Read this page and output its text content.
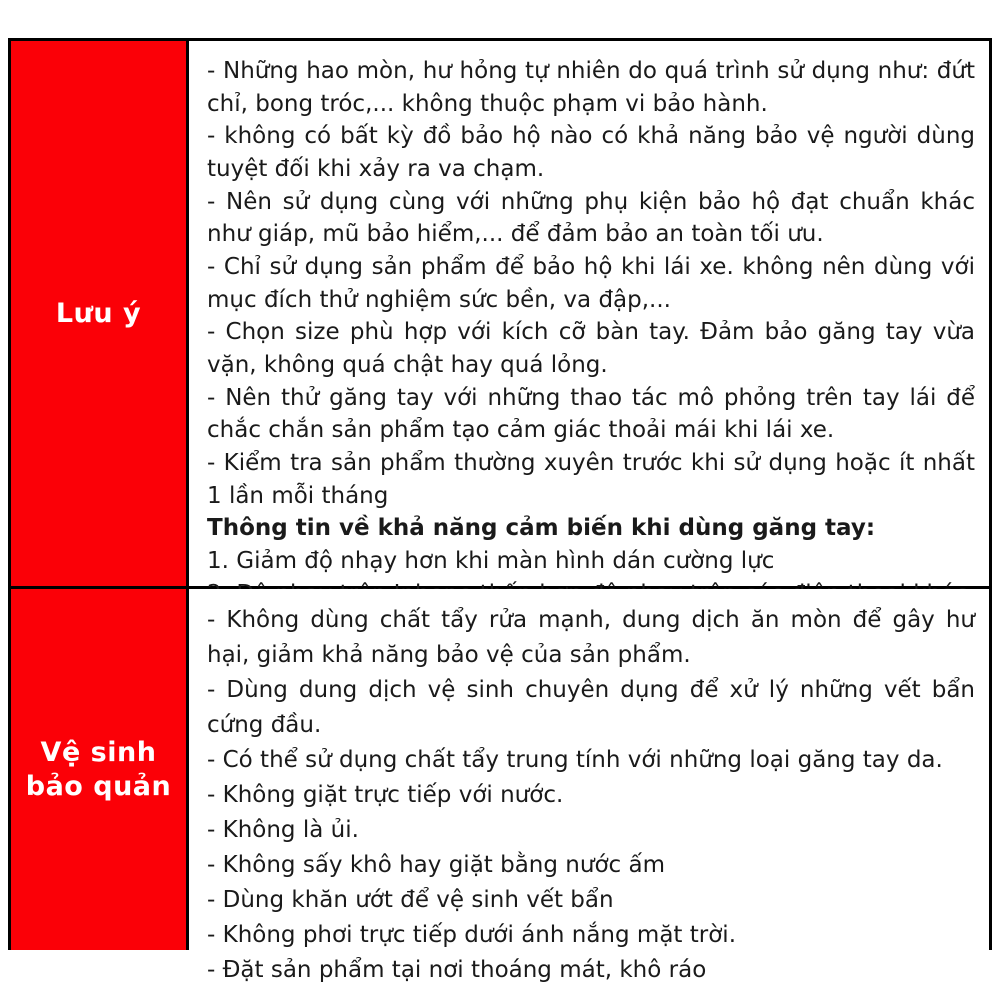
Lưu ý

- Những hao mòn, hư hỏng tự nhiên do quá trình sử dụng như: đứt chỉ, bong tróc,... không thuộc phạm vi bảo hành.

- không có bất kỳ đồ bảo hộ nào có khả năng bảo vệ người dùng tuyệt đối khi xảy ra va chạm.

- Nên sử dụng cùng với những phụ kiện bảo hộ đạt chuẩn khác như giáp, mũ bảo hiểm,... để đảm bảo an toàn tối ưu.

- Chỉ sử dụng sản phẩm để bảo hộ khi lái xe. không nên dùng với mục đích thử nghiệm sức bền, va đập,...

- Chọn size phù hợp với kích cỡ bàn tay. Đảm bảo găng tay vừa vặn, không quá chật hay quá lỏng.

- Nên thử găng tay với những thao tác mô phỏng trên tay lái để chắc chắn sản phẩm tạo cảm giác thoải mái khi lái xe.

- Kiểm tra sản phẩm thường xuyên trước khi sử dụng hoặc ít nhất 1 lần mỗi tháng

Thông tin về khả năng cảm biến khi dùng găng tay:

1. Giảm độ nhạy hơn khi màn hình dán cường lực

Vệ sinh bảo quản

- Không dùng chất tẩy rửa mạnh, dung dịch ăn mòn để gây hư hại, giảm khả năng bảo vệ của sản phẩm.

- Dùng dung dịch vệ sinh chuyên dụng để xử lý những vết bẩn cứng đầu.

- Có thể sử dụng chất tẩy trung tính với những loại găng tay da.

- Không giặt trực tiếp với nước.

- Không là ủi.

- Không sấy khô hay giặt bằng nước ấm

- Dùng khăn ướt để vệ sinh vết bẩn

- Không phơi trực tiếp dưới ánh nắng mặt trời.

- Đặt sản phẩm tại nơi thoáng mát, khô ráo
